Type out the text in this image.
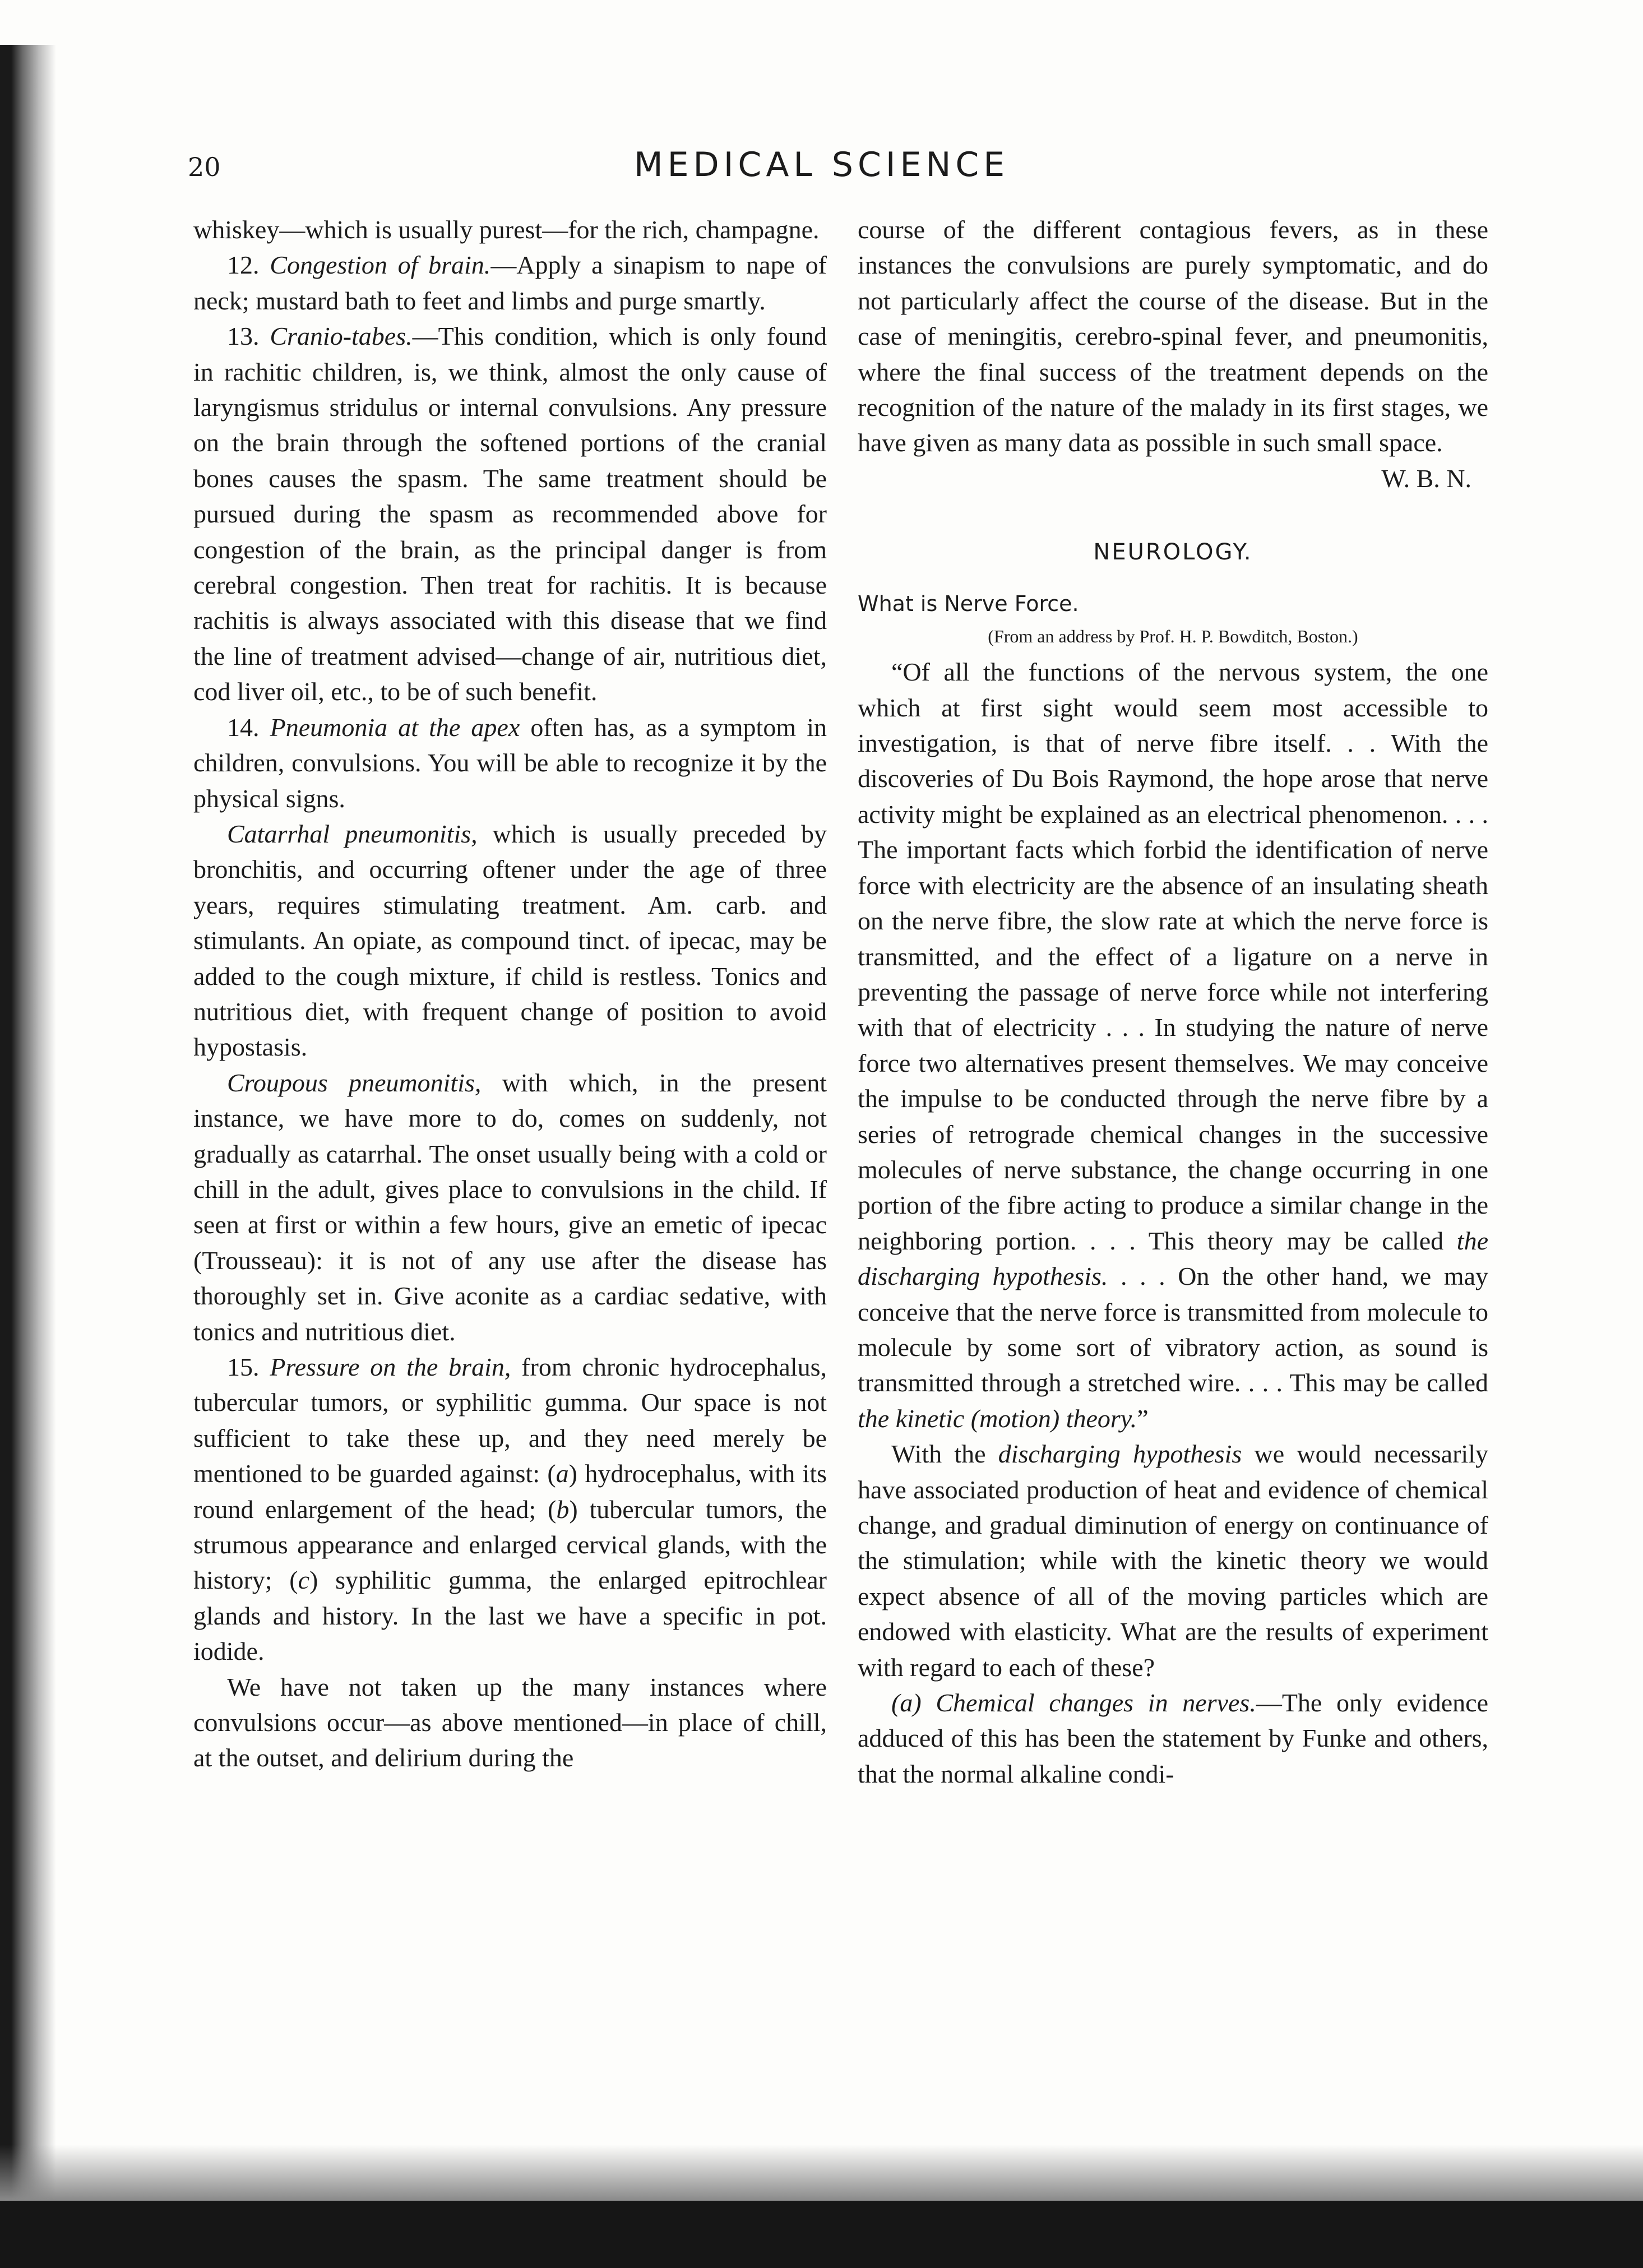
20	MEDICAL SCIENCE

whiskey—which is usually purest—for the rich, champagne.

12. Congestion of brain.—Apply a sinapism to nape of neck; mustard bath to feet and limbs and purge smartly.

13. Cranio-tabes.—This condition, which is only found in rachitic children, is, we think, almost the only cause of laryngismus stridulus or internal convulsions. Any pressure on the brain through the softened portions of the cranial bones causes the spasm. The same treatment should be pursued during the spasm as recommended above for congestion of the brain, as the principal danger is from cerebral congestion. Then treat for rachitis. It is because rachitis is always associated with this disease that we find the line of treatment advised—change of air, nutritious diet, cod liver oil, etc., to be of such benefit.

14. Pneumonia at the apex often has, as a symptom in children, convulsions. You will be able to recognize it by the physical signs.

Catarrhal pneumonitis, which is usually preceded by bronchitis, and occurring oftener under the age of three years, requires stimulating treatment. Am. carb. and stimulants. An opiate, as compound tinct. of ipecac, may be added to the cough mixture, if child is restless. Tonics and nutritious diet, with frequent change of position to avoid hypostasis.

Croupous pneumonitis, with which, in the present instance, we have more to do, comes on suddenly, not gradually as catarrhal. The onset usually being with a cold or chill in the adult, gives place to convulsions in the child. If seen at first or within a few hours, give an emetic of ipecac (Trousseau): it is not of any use after the disease has thoroughly set in. Give aconite as a cardiac sedative, with tonics and nutritious diet.

15. Pressure on the brain, from chronic hydrocephalus, tubercular tumors, or syphilitic gumma. Our space is not sufficient to take these up, and they need merely be mentioned to be guarded against: (a) hydrocephalus, with its round enlargement of the head; (b) tubercular tumors, the strumous appearance and enlarged cervical glands, with the history; (c) syphilitic gumma, the enlarged epitrochlear glands and history. In the last we have a specific in pot. iodide.

We have not taken up the many instances where convulsions occur—as above mentioned—in place of chill, at the outset, and delirium during the

course of the different contagious fevers, as in these instances the convulsions are purely symptomatic, and do not particularly affect the course of the disease. But in the case of meningitis, cerebro-spinal fever, and pneumonitis, where the final success of the treatment depends on the recognition of the nature of the malady in its first stages, we have given as many data as possible in such small space.

W. B. N.

NEUROLOGY.
What is Nerve Force.
(From an address by Prof. H. P. Bowditch, Boston.)

“Of all the functions of the nervous system, the one which at first sight would seem most accessible to investigation, is that of nerve fibre itself. . . With the discoveries of Du Bois Raymond, the hope arose that nerve activity might be explained as an electrical phenomenon. . . . The important facts which forbid the identification of nerve force with electricity are the absence of an insulating sheath on the nerve fibre, the slow rate at which the nerve force is transmitted, and the effect of a ligature on a nerve in preventing the passage of nerve force while not interfering with that of electricity . . . In studying the nature of nerve force two alternatives present themselves. We may conceive the impulse to be conducted through the nerve fibre by a series of retrograde chemical changes in the successive molecules of nerve substance, the change occurring in one portion of the fibre acting to produce a similar change in the neighboring portion. . . . This theory may be called the discharging hypothesis. . . . On the other hand, we may conceive that the nerve force is transmitted from molecule to molecule by some sort of vibratory action, as sound is transmitted through a stretched wire. . . . This may be called the kinetic (motion) theory.”

With the discharging hypothesis we would necessarily have associated production of heat and evidence of chemical change, and gradual diminution of energy on continuance of the stimulation; while with the kinetic theory we would expect absence of all of the moving particles which are endowed with elasticity. What are the results of experiment with regard to each of these?

(a) Chemical changes in nerves.—The only evidence adduced of this has been the statement by Funke and others, that the normal alkaline condi-
